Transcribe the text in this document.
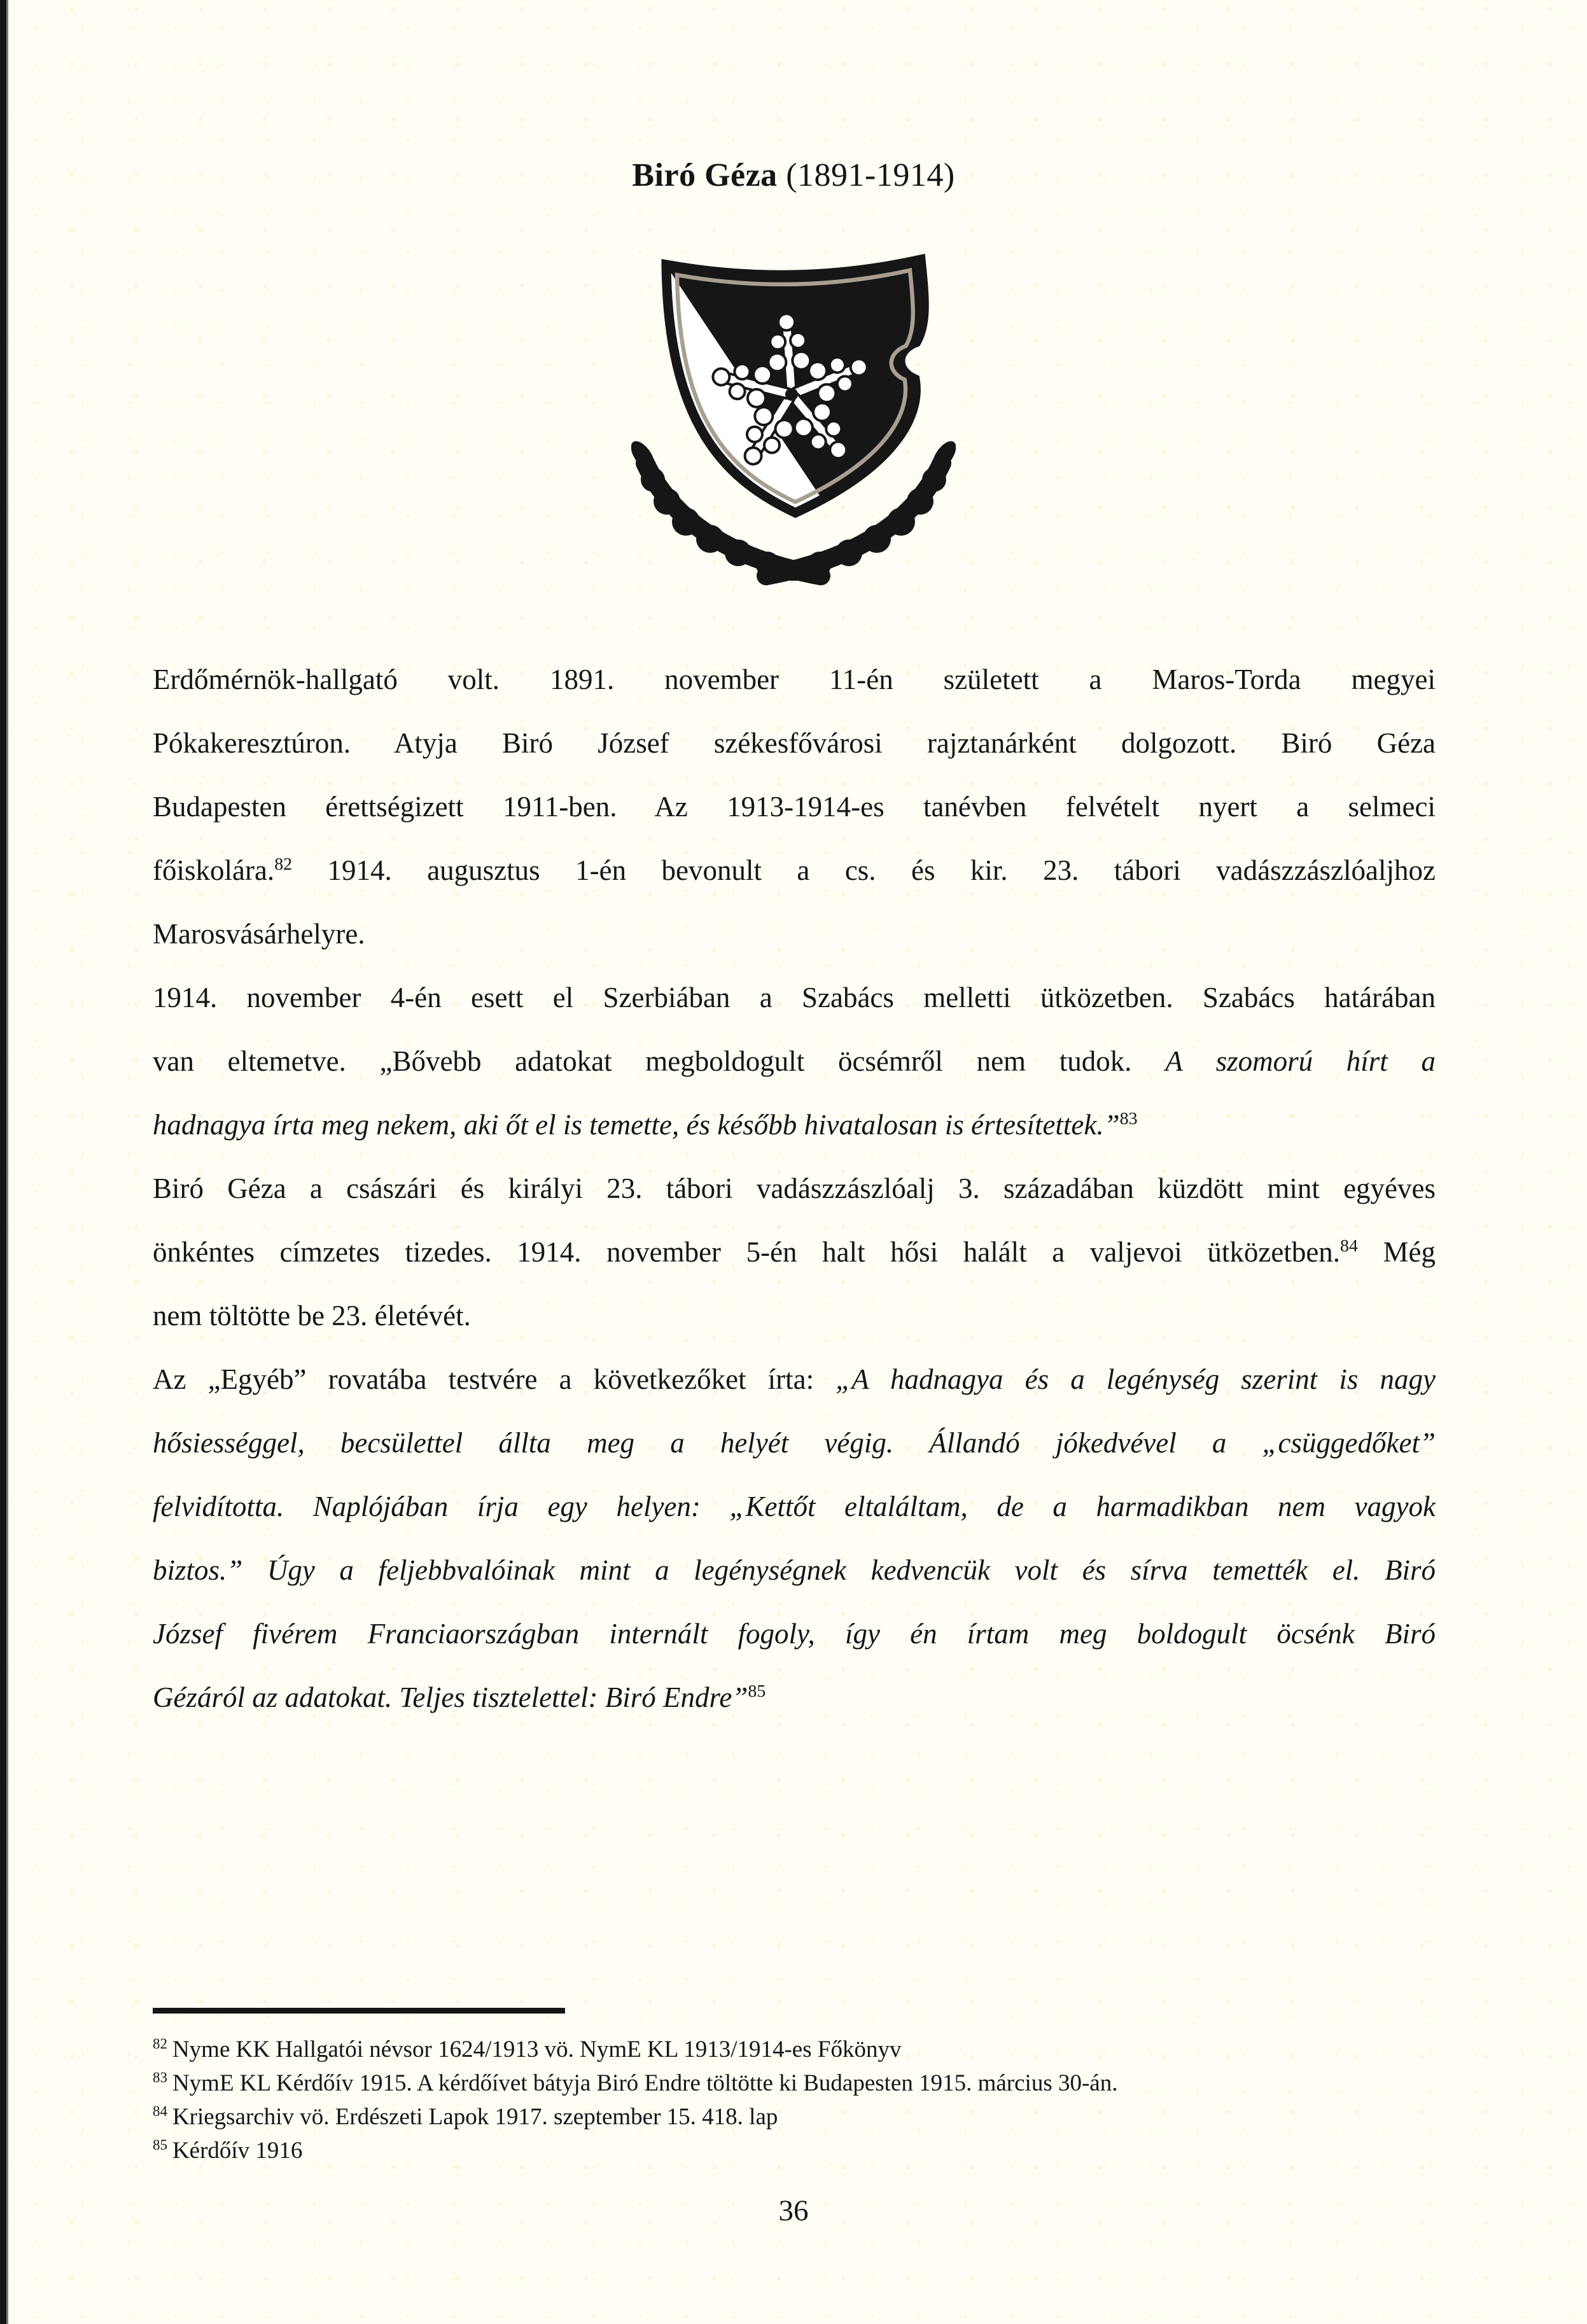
Biró Géza (1891-1914)
Erdőmérnök-hallgató volt. 1891. november 11-én született a Maros-Torda megyei
Pókakeresztúron. Atyja Biró József székesfővárosi rajztanárként dolgozott. Biró Géza
Budapesten érettségizett 1911-ben. Az 1913-1914-es tanévben felvételt nyert a selmeci
főiskolára.$^{82}$ 1914. augusztus 1-én bevonult a cs. és kir. 23. tábori vadászzászlóaljhoz
Marosvásárhelyre.
1914. november 4-én esett el Szerbiában a Szabács melletti ütközetben. Szabács határában
van eltemetve. „Bővebb adatokat megboldogult öcsémről nem tudok. A szomorú hírt a
hadnagya írta meg nekem, aki őt el is temette, és később hivatalosan is értesítettek.”$^{83}$
Biró Géza a császári és királyi 23. tábori vadászzászlóalj 3. századában küzdött mint egyéves
önkéntes címzetes tizedes. 1914. november 5-én halt hősi halált a valjevoi ütközetben.$^{84}$ Még
nem töltötte be 23. életévét.
Az „Egyéb” rovatába testvére a következőket írta: „A hadnagya és a legénység szerint is nagy
hősiességgel, becsülettel állta meg a helyét végig. Állandó jókedvével a „csüggedőket”
felvidította. Naplójában írja egy helyen: „Kettőt eltaláltam, de a harmadikban nem vagyok
biztos.” Úgy a feljebbvalóinak mint a legénységnek kedvencük volt és sírva temették el. Biró
József fivérem Franciaországban internált fogoly, így én írtam meg boldogult öcsénk Biró
Gézáról az adatokat. Teljes tisztelettel: Biró Endre”$^{85}$
$^{82}$ Nyme KK Hallgatói névsor 1624/1913 vö. NymE KL 1913/1914-es Főkönyv
$^{83}$ NymE KL Kérdőív 1915. A kérdőívet bátyja Biró Endre töltötte ki Budapesten 1915. március 30-án.
$^{84}$ Kriegsarchiv vö. Erdészeti Lapok 1917. szeptember 15. 418. lap
$^{85}$ Kérdőív 1916
36
